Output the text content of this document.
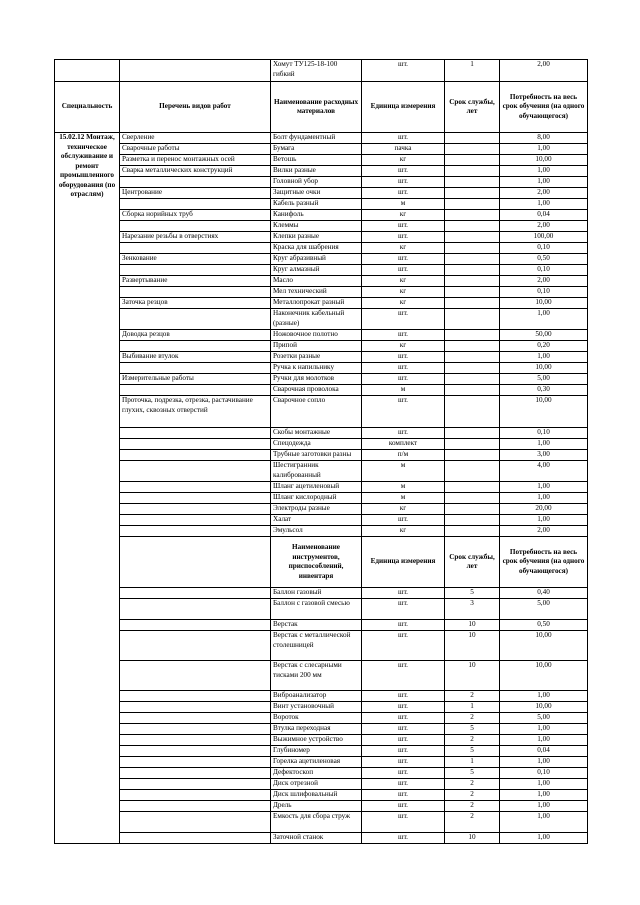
		Хомут ТУ125-18-100 гибкий	шт.	1	2,00
Специальность	Перечень видов работ	Наименование расходных материалов	Единица измерения	Срок службы, лет	Потребность на весь срок обучения (на одного обучающегося)
15.02.12 Монтаж, техническое обслуживание и ремонт промышленного оборудования (по отраслям)	Сверление	Болт фундаментный	шт.		8,00
	Сварочные работы	Бумага	пачка		1,00
	Разметка и перенос монтажных осей	Ветошь	кг		10,00
	Сварка металлических конструкций	Вилки разные	шт.		1,00
		Головной убор	шт.		1,00
	Центрование	Защитные очки	шт.		2,00
		Кабель разный	м		1,00
	Сборка норийных труб	Канифоль	кг		0,04
		Клеммы	шт.		2,00
	Нарезание резьбы в отверстиях	Клепки разные	шт.		100,00
		Краска для шабрения	кг		0,10
	Зенкование	Круг абразивный	шт.		0,50
		Круг алмазный	шт.		0,10
	Развертывание	Масло	кг		2,00
		Мел технический	кг		0,10
	Заточка резцов	Металлопрокат разный	кг		10,00
		Наконечник кабельный (разные)	шт.		1,00
	Доводка резцов	Ножовочное полотно	шт.		50,00
		Припой	кг		0,20
	Выбивание втулок	Розетки разные	шт.		1,00
		Ручка к напильнику	шт.		10,00
	Измерительные работы	Ручки для молотков	шт.		5,00
		Сварочная проволока	м		0,30
	Проточка, подрезка, отрезка, растачивание глухих, сквозных отверстий	Сварочное сопло	шт.		10,00
		Скобы монтажные	шт.		0,10
		Спецодежда	комплект		1,00
		Трубные заготовки разны	п/м		3,00
		Шестигранник калиброванный	м		4,00
		Шланг ацетиленовый	м		1,00
		Шланг кислородный	м		1,00
		Электроды разные	кг		20,00
		Халат	шт.		1,00
		Эмульсол	кг		2,00
		Наименование инструментов, приспособлений, инвентаря	Единица измерения	Срок службы, лет	Потребность на весь срок обучения (на одного обучающегося)
		Баллон газовый	шт.	5	0,40
		Баллон с газовой смесью	шт.	3	5,00
		Верстак	шт.	10	0,50
		Верстак с металлической столешницей	шт.	10	10,00
		Верстак с слесарными тисками 200 мм	шт.	10	10,00
		Виброанализатор	шт.	2	1,00
		Винт установочный	шт.	1	10,00
		Вороток	шт.	2	5,00
		Втулка переходная	шт.	5	1,00
		Выжимное устройство	шт.	2	1,00
		Глубиномер	шт.	5	0,04
		Горелка ацетиленовая	шт.	1	1,00
		Дефектоскоп	шт.	5	0,10
		Диск отрезной	шт.	2	1,00
		Диск шлифовальный	шт.	2	1,00
		Дрель	шт.	2	1,00
		Емкость для сбора струж	шт.	2	1,00
		Заточной станок	шт.	10	1,00
